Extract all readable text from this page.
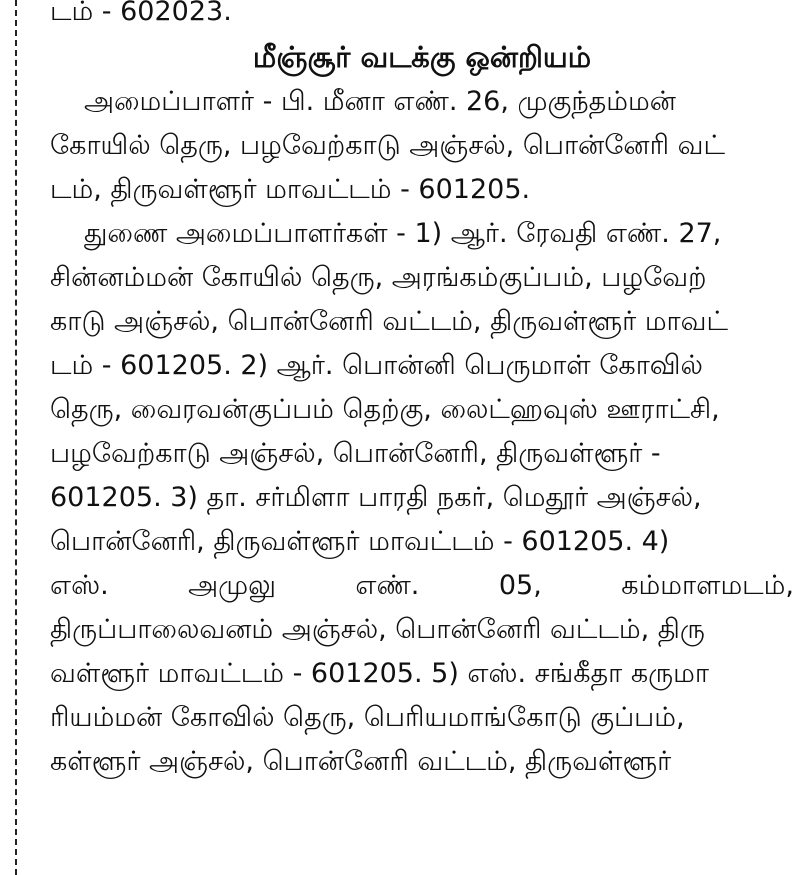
டம் - 602023.
மீஞ்சூர் வடக்கு ஒன்றியம்
அமைப்பாளர் - பி. மீனா எண். 26, முகுந்தம்மன்
கோயில் தெரு, பழவேற்காடு அஞ்சல், பொன்னேரி வட்
டம், திருவள்ளூர் மாவட்டம் - 601205.
துணை அமைப்பாளர்கள் - 1) ஆர். ரேவதி எண். 27,
சின்னம்மன் கோயில் தெரு, அரங்கம்குப்பம், பழவேற்
காடு அஞ்சல், பொன்னேரி வட்டம், திருவள்ளூர் மாவட்
டம் - 601205. 2) ஆர். பொன்னி பெருமாள் கோவில்
தெரு, வைரவன்குப்பம் தெற்கு, லைட்ஹவுஸ் ஊராட்சி,
பழவேற்காடு அஞ்சல், பொன்னேரி, திருவள்ளூர் -
601205. 3) தா. சர்மிளா பாரதி நகர், மெதூர் அஞ்சல்,
பொன்னேரி, திருவள்ளூர் மாவட்டம் - 601205. 4)
எஸ்.	அமுலு	எண்.	05,	கம்மாளமடம்,
திருப்பாலைவனம் அஞ்சல், பொன்னேரி வட்டம், திரு
வள்ளூர் மாவட்டம் - 601205. 5) எஸ். சங்கீதா கருமா
ரியம்மன் கோவில் தெரு, பெரியமாங்கோடு குப்பம்,
கள்ளூர் அஞ்சல், பொன்னேரி வட்டம், திருவள்ளூர்
